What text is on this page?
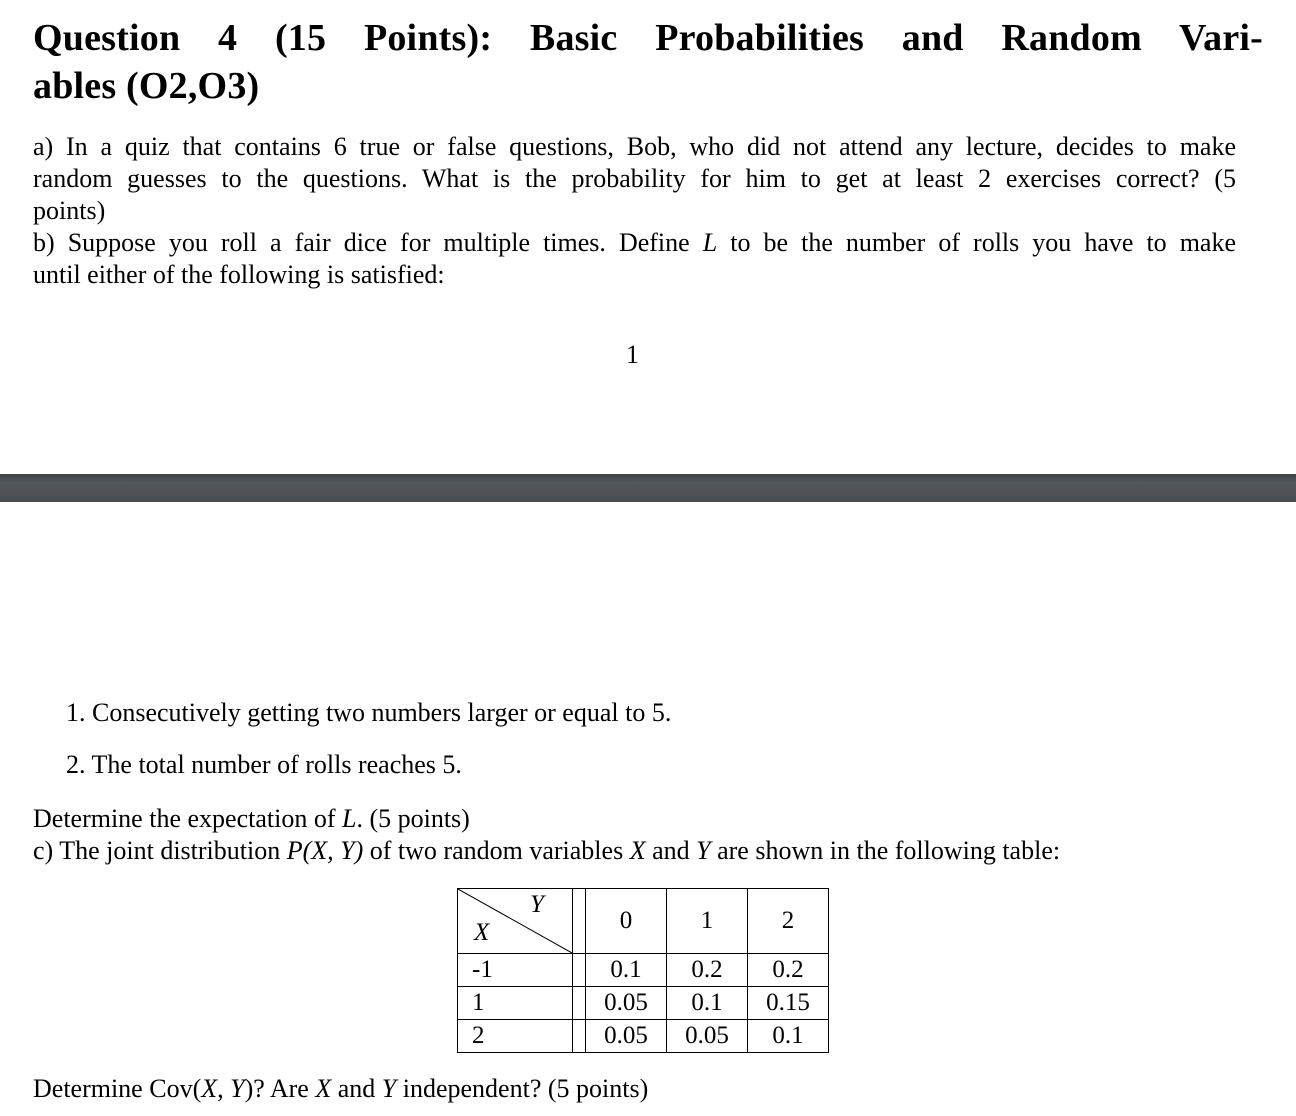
Question 4 (15 Points): Basic Probabilities and Random Vari-
ables (O2,O3)
a) In a quiz that contains 6 true or false questions, Bob, who did not attend any lecture, decides to make
random guesses to the questions. What is the probability for him to get at least 2 exercises correct? (5
points)
b) Suppose you roll a fair dice for multiple times. Define L to be the number of rolls you have to make
until either of the following is satisfied:
1
1. Consecutively getting two numbers larger or equal to 5.
2. The total number of rolls reaches 5.
Determine the expectation of L. (5 points)
c) The joint distribution P(X, Y) of two random variables X and Y are shown in the following table:
Y
X		0	1	2
-1		0.1	0.2	0.2
1		0.05	0.1	0.15
2		0.05	0.05	0.1
Determine Cov(X, Y)? Are X and Y independent? (5 points)
